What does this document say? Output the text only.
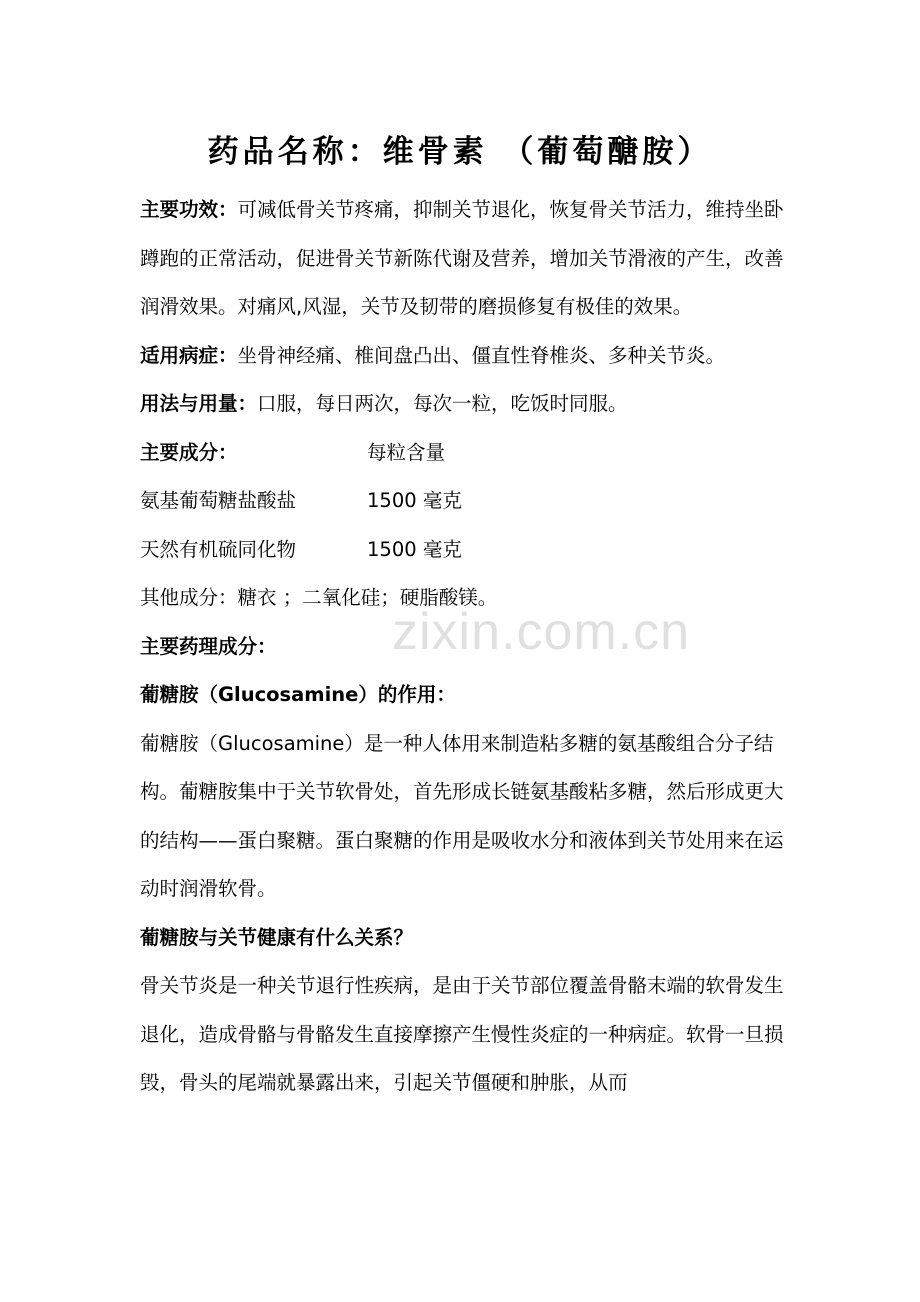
药品名称：维骨素 （葡萄醣胺）

主要功效：可减低骨关节疼痛，抑制关节退化，恢复骨关节活力，维持坐卧蹲跑的正常活动，促进骨关节新陈代谢及营养，增加关节滑液的产生，改善润滑效果。对痛风,风湿，关节及韧带的磨损修复有极佳的效果。

适用病症：坐骨神经痛、椎间盘凸出、僵直性脊椎炎、多种关节炎。

用法与用量：口服，每日两次，每次一粒，吃饭时同服。

主要成分：	每粒含量
氨基葡萄糖盐酸盐	1500 毫克
天然有机硫同化物	1500 毫克

其他成分：糖衣 ；二氧化硅；硬脂酸镁。

主要药理成分：

葡糖胺（Glucosamine）的作用：

葡糖胺（Glucosamine）是一种人体用来制造粘多糖的氨基酸组合分子结构。葡糖胺集中于关节软骨处，首先形成长链氨基酸粘多糖，然后形成更大的结构——蛋白聚糖。蛋白聚糖的作用是吸收水分和液体到关节处用来在运动时润滑软骨。

葡糖胺与关节健康有什么关系？

骨关节炎是一种关节退行性疾病，是由于关节部位覆盖骨骼末端的软骨发生退化，造成骨骼与骨骼发生直接摩擦产生慢性炎症的一种病症。软骨一旦损毁，骨头的尾端就暴露出来，引起关节僵硬和肿胀，从而

zixin.com.cn
